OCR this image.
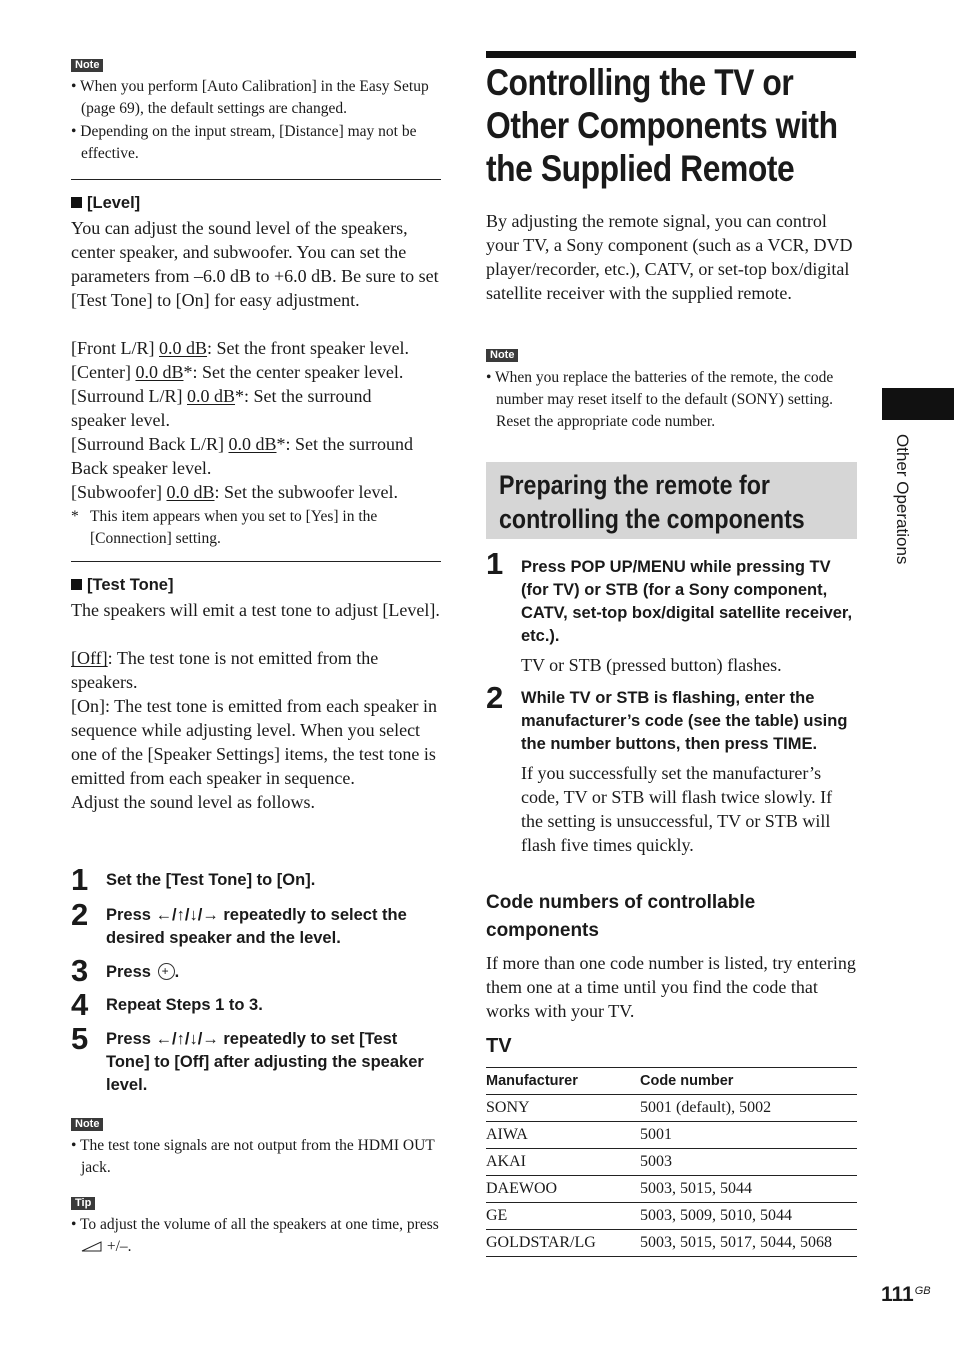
Note
• When you perform [Auto Calibration] in the Easy Setup (page 69), the default settings are changed.
• Depending on the input stream, [Distance] may not be effective.
[Level]
You can adjust the sound level of the speakers, center speaker, and subwoofer. You can set the parameters from –6.0 dB to +6.0 dB. Be sure to set [Test Tone] to [On] for easy adjustment.
[Front L/R] 0.0 dB: Set the front speaker level.
[Center] 0.0 dB*: Set the center speaker level.
[Surround L/R] 0.0 dB*: Set the surround
speaker level.
[Surround Back L/R] 0.0 dB*: Set the surround
Back speaker level.
[Subwoofer] 0.0 dB: Set the subwoofer level.
* This item appears when you set to [Yes] in the [Connection] setting.
[Test Tone]
The speakers will emit a test tone to adjust [Level].
[Off]: The test tone is not emitted from the speakers.
[On]: The test tone is emitted from each speaker in sequence while adjusting level. When you select one of the [Speaker Settings] items, the test tone is emitted from each speaker in sequence.
Adjust the sound level as follows.
1 Set the [Test Tone] to [On].
2 Press ←/↑/↓/→ repeatedly to select the desired speaker and the level.
3 Press + .
4 Repeat Steps 1 to 3.
5 Press ←/↑/↓/→ repeatedly to set [Test Tone] to [Off] after adjusting the speaker level.
Note
• The test tone signals are not output from the HDMI OUT jack.
Tip
• To adjust the volume of all the speakers at one time, press  +/–.
Controlling the TV or
Other Components with
the Supplied Remote
By adjusting the remote signal, you can control your TV, a Sony component (such as a VCR, DVD player/recorder, etc.), CATV, or set-top box/digital satellite receiver with the supplied remote.
Note
• When you replace the batteries of the remote, the code number may reset itself to the default (SONY) setting. Reset the appropriate code number.
Preparing the remote for
controlling the components
1 Press POP UP/MENU while pressing TV (for TV) or STB (for a Sony component, CATV, set-top box/digital satellite receiver, etc.).
TV or STB (pressed button) flashes.
2 While TV or STB is flashing, enter the manufacturer’s code (see the table) using the number buttons, then press TIME.
If you successfully set the manufacturer’s code, TV or STB will flash twice slowly. If the setting is unsuccessful, TV or STB will flash five times quickly.
Code numbers of controllable components
If more than one code number is listed, try entering them one at a time until you find the code that works with your TV.
TV
Manufacturer	Code number
SONY	5001 (default), 5002
AIWA	5001
AKAI	5003
DAEWOO	5003, 5015, 5044
GE	5003, 5009, 5010, 5044
GOLDSTAR/LG	5003, 5015, 5017, 5044, 5068
Other Operations
$111^{GB}$
